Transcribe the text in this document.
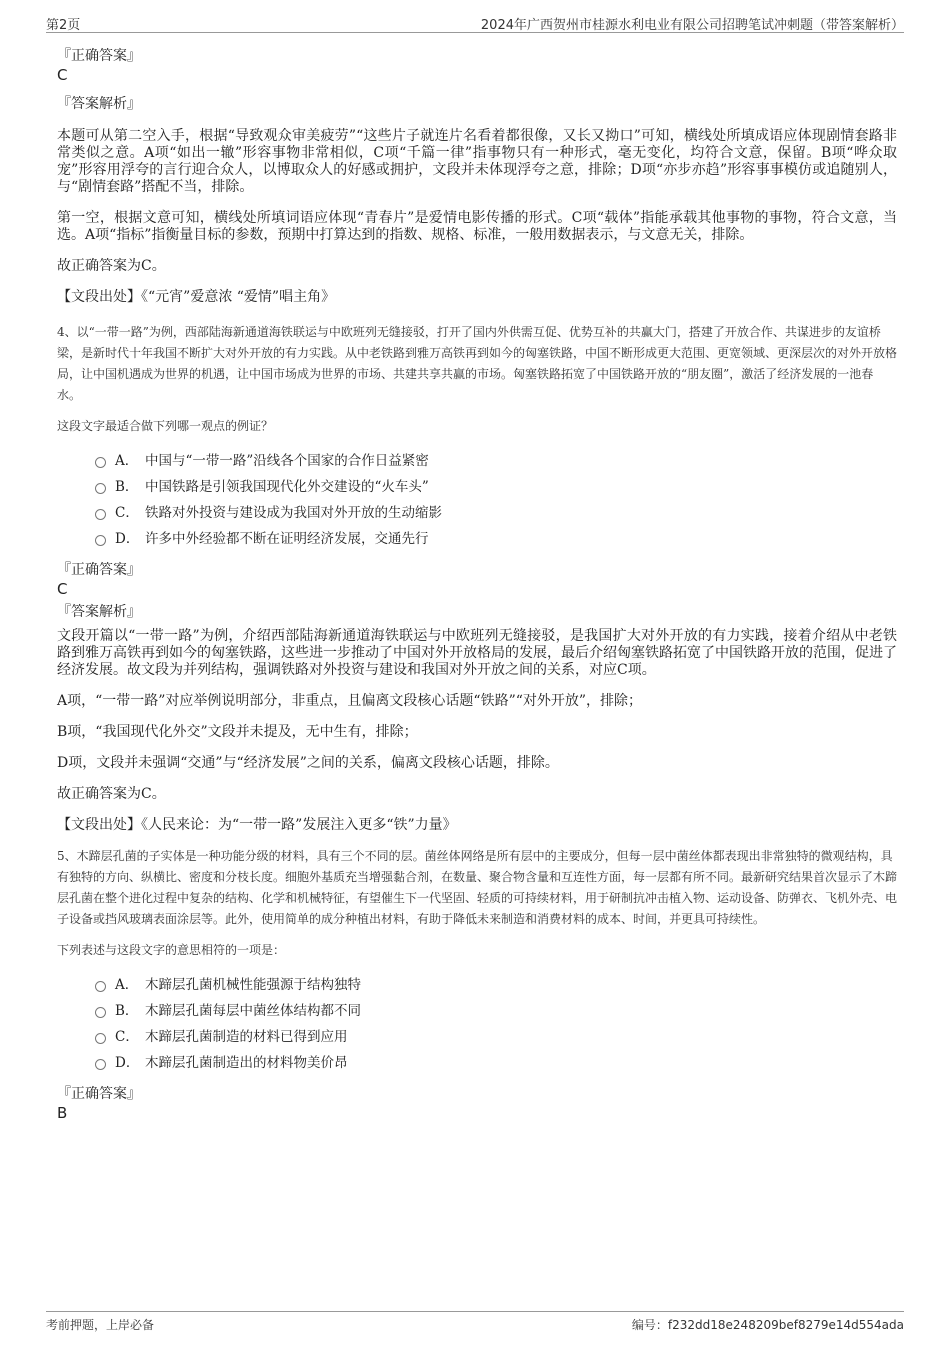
第2页	2024年广西贺州市桂源水利电业有限公司招聘笔试冲刺题（带答案解析）

『正确答案』

C

『答案解析』

本题可从第二空入手，根据“导致观众审美疲劳”“这些片子就连片名看着都很像，又长又拗口”可知，横线处所填成语应体现剧情套路非常类似之意。A项“如出一辙”形容事物非常相似，C项“千篇一律”指事物只有一种形式，毫无变化，均符合文意，保留。B项“哗众取宠”形容用浮夸的言行迎合众人，以博取众人的好感或拥护，文段并未体现浮夸之意，排除；D项“亦步亦趋”形容事事模仿或追随别人，与“剧情套路”搭配不当，排除。

第一空，根据文意可知，横线处所填词语应体现“青春片”是爱情电影传播的形式。C项“载体”指能承载其他事物的事物，符合文意，当选。A项“指标”指衡量目标的参数，预期中打算达到的指数、规格、标准，一般用数据表示，与文意无关，排除。

故正确答案为C。

【文段出处】《“元宵”爱意浓 “爱情”唱主角》

4、以“一带一路”为例，西部陆海新通道海铁联运与中欧班列无缝接驳，打开了国内外供需互促、优势互补的共赢大门，搭建了开放合作、共谋进步的友谊桥梁，是新时代十年我国不断扩大对外开放的有力实践。从中老铁路到雅万高铁再到如今的匈塞铁路，中国不断形成更大范围、更宽领域、更深层次的对外开放格局，让中国机遇成为世界的机遇，让中国市场成为世界的市场、共建共享共赢的市场。匈塞铁路拓宽了中国铁路开放的“朋友圈”，激活了经济发展的一池春水。

这段文字最适合做下列哪一观点的例证？

A． 中国与“一带一路”沿线各个国家的合作日益紧密
B． 中国铁路是引领我国现代化外交建设的“火车头”
C． 铁路对外投资与建设成为我国对外开放的生动缩影
D． 许多中外经验都不断在证明经济发展，交通先行

『正确答案』

C

『答案解析』

文段开篇以“一带一路”为例，介绍西部陆海新通道海铁联运与中欧班列无缝接驳，是我国扩大对外开放的有力实践，接着介绍从中老铁路到雅万高铁再到如今的匈塞铁路，这些进一步推动了中国对外开放格局的发展，最后介绍匈塞铁路拓宽了中国铁路开放的范围，促进了经济发展。故文段为并列结构，强调铁路对外投资与建设和我国对外开放之间的关系，对应C项。

A项，“一带一路”对应举例说明部分，非重点，且偏离文段核心话题“铁路”“对外开放”，排除；

B项，“我国现代化外交”文段并未提及，无中生有，排除；

D项，文段并未强调“交通”与“经济发展”之间的关系，偏离文段核心话题，排除。

故正确答案为C。

【文段出处】《人民来论：为“一带一路”发展注入更多“铁”力量》

5、木蹄层孔菌的子实体是一种功能分级的材料，具有三个不同的层。菌丝体网络是所有层中的主要成分，但每一层中菌丝体都表现出非常独特的微观结构，具有独特的方向、纵横比、密度和分枝长度。细胞外基质充当增强黏合剂，在数量、聚合物含量和互连性方面，每一层都有所不同。最新研究结果首次显示了木蹄层孔菌在整个进化过程中复杂的结构、化学和机械特征，有望催生下一代坚固、轻质的可持续材料，用于研制抗冲击植入物、运动设备、防弹衣、飞机外壳、电子设备或挡风玻璃表面涂层等。此外，使用简单的成分种植出材料，有助于降低未来制造和消费材料的成本、时间，并更具可持续性。

下列表述与这段文字的意思相符的一项是：

A． 木蹄层孔菌机械性能强源于结构独特
B． 木蹄层孔菌每层中菌丝体结构都不同
C． 木蹄层孔菌制造的材料已得到应用
D． 木蹄层孔菌制造出的材料物美价昂

『正确答案』

B

考前押题，上岸必备	编号：f232dd18e248209bef8279e14d554ada
